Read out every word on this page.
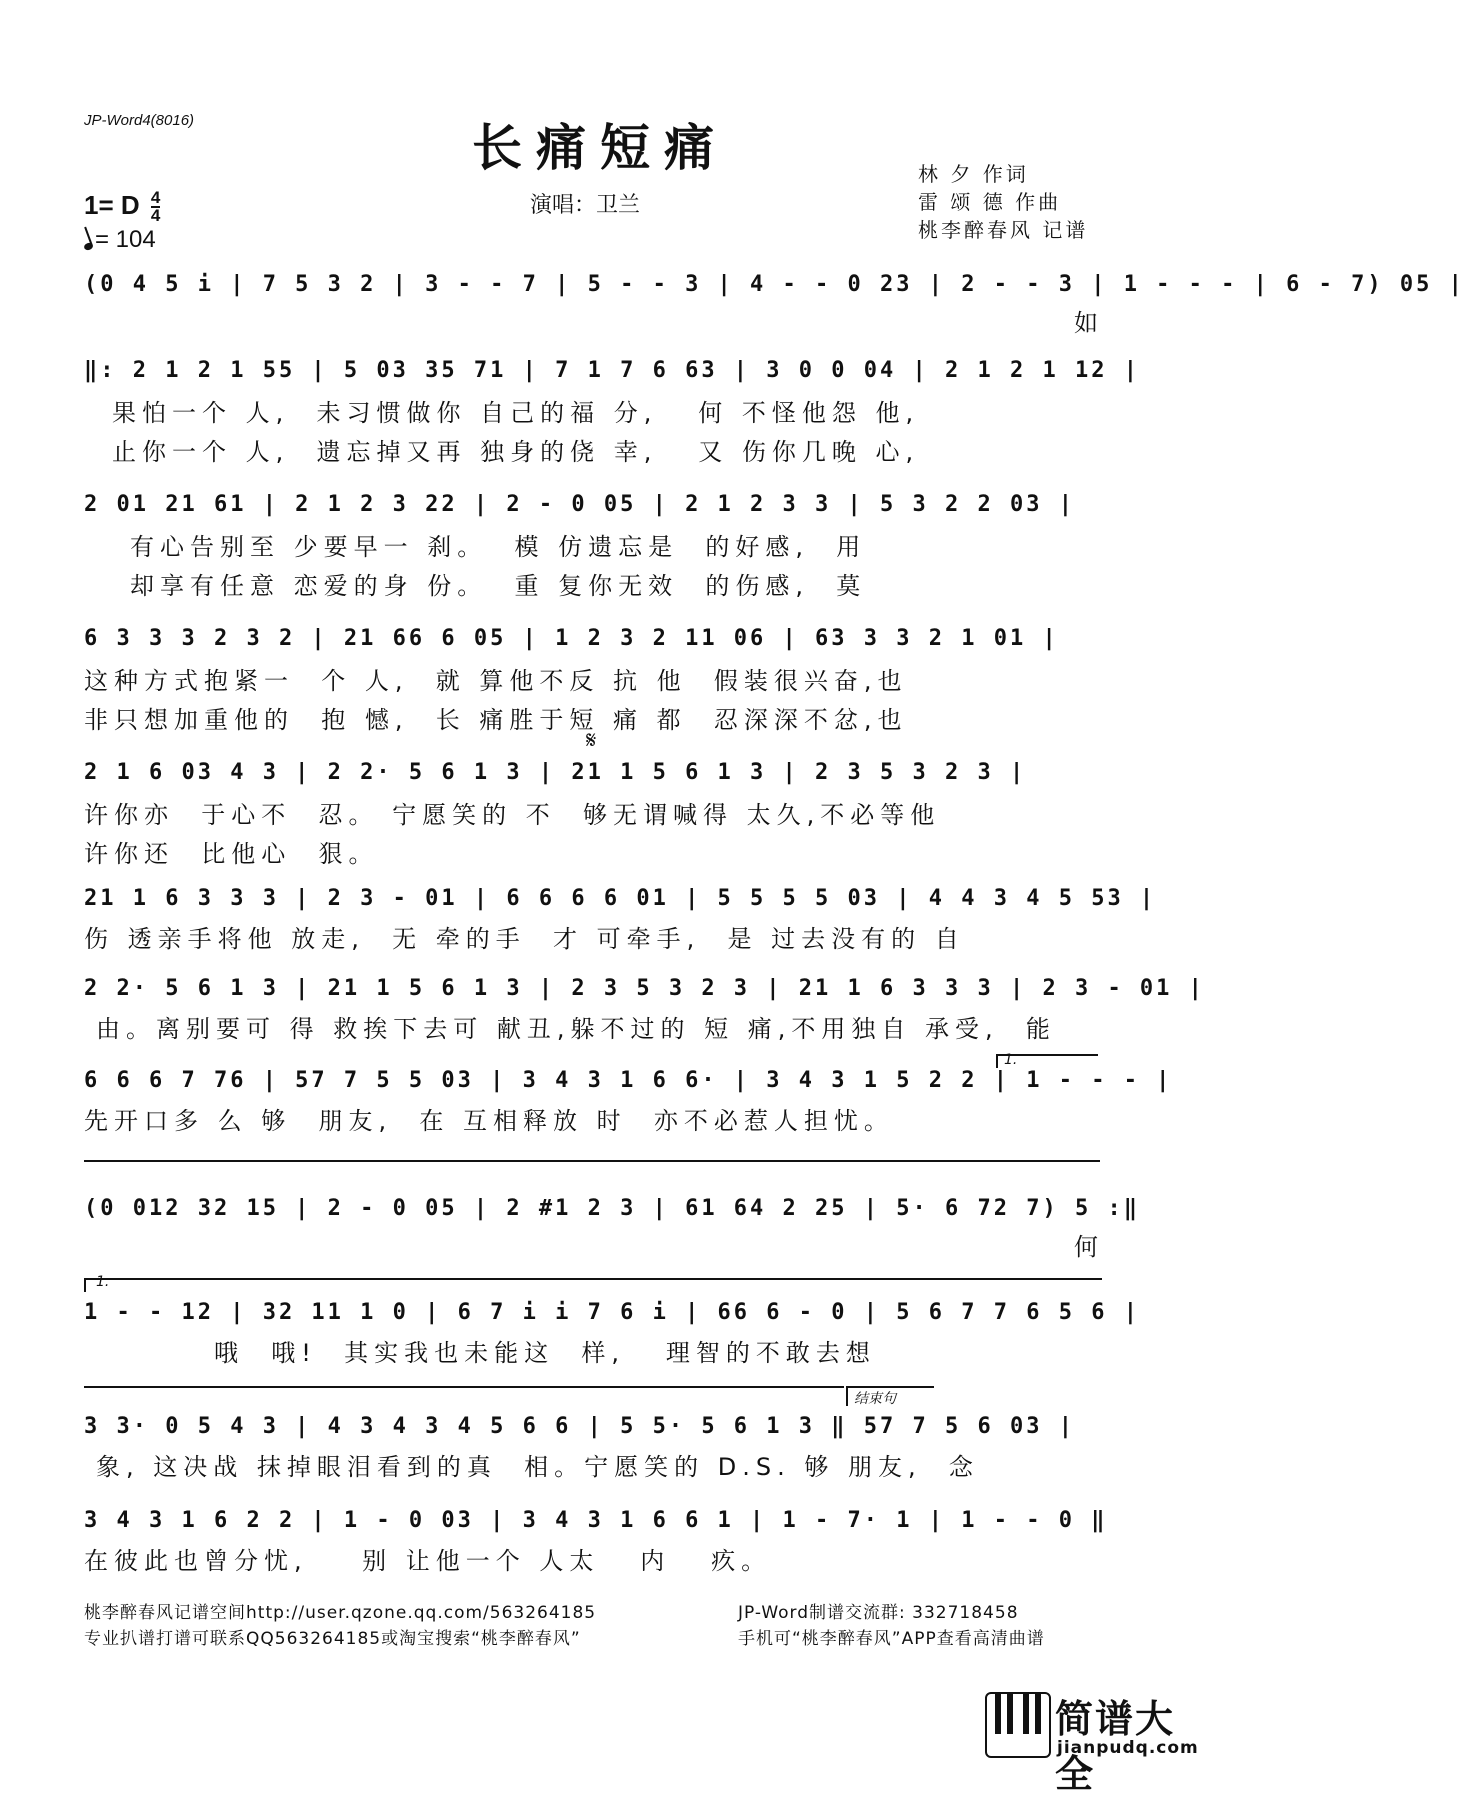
JP-Word4(8016)	长痛短痛
1= D $\frac{4}{4}$
= 104
演唱：卫兰
林 夕 作词
雷 颂 德 作曲
桃李醉春风 记谱
(0 4 5 i | 7 5 3 2 | 3 - - 7 | 5 - - 3 | 4 - - 0 23 | 2 - - 3 | 1 - - - | 6 - 7) 05 |
如
‖: 2 1 2 1 55 | 5 03 35 71 | 7 1 7 6 63 | 3 0 0 04 | 2 1 2 1 12 |
果怕一个 人,  未习惯做你 自己的福 分,   何 不怪他怨 他,
止你一个 人,  遗忘掉又再 独身的侥 幸,   又 伤你几晚 心,
2 01 21 61 | 2 1 2 3 22 | 2 - 0 05 | 2 1 2 3 3 | 5 3 2 2 03 |
有心告别至 少要早一 刹。  模 仿遗忘是  的好感,  用
却享有任意 恋爱的身 份。  重 复你无效  的伤感,  莫
6 3 3 3 2 3 2 | 21 66 6 05 | 1 2 3 2 11 06 | 63 3 3 2 1 01 |
这种方式抱紧一  个 人,  就 算他不反 抗 他  假装很兴奋,也
非只想加重他的  抱 憾,  长 痛胜于短 痛 都  忍深深不忿,也
𝄋
2 1 6 03 4 3 | 2 2· 5 6 1 3 | 21 1 5 6 1 3 | 2 3 5 3 2 3 |
许你亦  于心不  忍。 宁愿笑的 不  够无谓喊得 太久,不必等他
许你还  比他心  狠。
21 1 6 3 3 3 | 2 3 - 01 | 6 6 6 6 01 | 5 5 5 5 03 | 4 4 3 4 5 53 |
伤 透亲手将他 放走,  无 牵的手  才 可牵手,  是 过去没有的 自
2 2· 5 6 1 3 | 21 1 5 6 1 3 | 2 3 5 3 2 3 | 21 1 6 3 3 3 | 2 3 - 01 |
由。离别要可 得 救挨下去可 献丑,躲不过的 短 痛,不用独自 承受,  能
1.
6 6 6 7 76 | 57 7 5 5 03 | 3 4 3 1 6 6· | 3 4 3 1 5 2 2 | 1 - - - |
先开口多 么 够  朋友,  在 互相释放 时  亦不必惹人担忧。
(0 012 32 15 | 2 - 0 05 | 2 #1 2 3 | 61 64 2 25 | 5· 6 72 7) 5 :‖
何
1.
1 - - 12 | 32 11 1 0 | 6 7 i i 7 6 i | 66 6 - 0 | 5 6 7 7 6 5 6 |
哦  哦!  其实我也未能这  样,   理智的不敢去想
结束句
3 3· 0 5 4 3 | 4 3 4 3 4 5 6 6 | 5 5· 5 6 1 3 ‖ 57 7 5 6 03 |
象, 这决战 抹掉眼泪看到的真  相。宁愿笑的 D.S. 够 朋友,  念
3 4 3 1 6 2 2 | 1 - 0 03 | 3 4 3 1 6 6 1 | 1 - 7· 1 | 1 - - 0 ‖
在彼此也曾分忧,    别 让他一个 人太   内   疚。
桃李醉春风记谱空间http://user.qzone.qq.com/563264185
专业扒谱打谱可联系QQ563264185或淘宝搜索“桃李醉春风”
JP-Word制谱交流群: 332718458
手机可“桃李醉春风”APP查看高清曲谱
简谱大全
jianpudq.com
